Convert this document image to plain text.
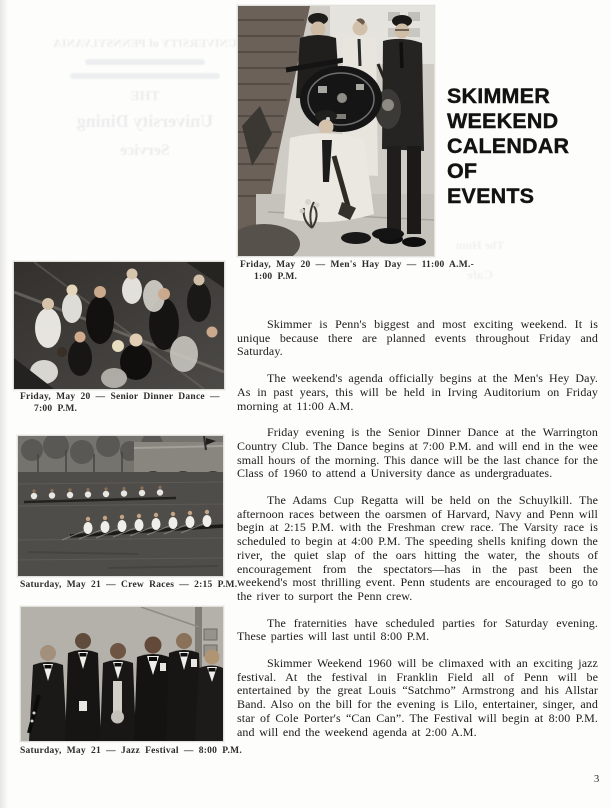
UNIVERSITY of PENNSYLVANIA
THE
University Dining
Service
The Hum
Cafe
Friday, May 20 — Men's Hay Day — 11:00 A.M.-
1:00 P.M.
SKIMMER
WEEKEND
CALENDAR
OF
EVENTS
Friday, May 20 — Senior Dinner Dance —
7:00 P.M.
Saturday, May 21 — Crew Races — 2:15 P.M.
Saturday, May 21 — Jazz Festival — 8:00 P.M.

Skimmer is Penn's biggest and most exciting weekend. It is unique because there are planned events throughout Friday and Saturday.

The weekend's agenda officially begins at the Men's Hey Day. As in past years, this will be held in Irving Auditorium on Friday morning at 11:00 A.M.

Friday evening is the Senior Dinner Dance at the Warrington Country Club. The Dance begins at 7:00 P.M. and will end in the wee small hours of the morning. This dance will be the last chance for the Class of 1960 to attend a University dance as undergraduates.

The Adams Cup Regatta will be held on the Schuylkill. The afternoon races between the oarsmen of Harvard, Navy and Penn will begin at 2:15 P.M. with the Freshman crew race. The Varsity race is scheduled to begin at 4:00 P.M. The speeding shells knifing down the river, the quiet slap of the oars hitting the water, the shouts of encouragement from the spectators—has in the past been the weekend's most thrilling event. Penn students are encouraged to go to the river to surport the Penn crew.

The fraternities have scheduled parties for Saturday evening. These parties will last until 8:00 P.M.

Skimmer Weekend 1960 will be climaxed with an exciting jazz festival. At the festival in Franklin Field all of Penn will be entertained by the great Louis “Satchmo” Armstrong and his Allstar Band. Also on the bill for the evening is Lilo, entertainer, singer, and star of Cole Porter's “Can Can”. The Festival will begin at 8:00 P.M. and will end the weekend agenda at 2:00 A.M.

3
